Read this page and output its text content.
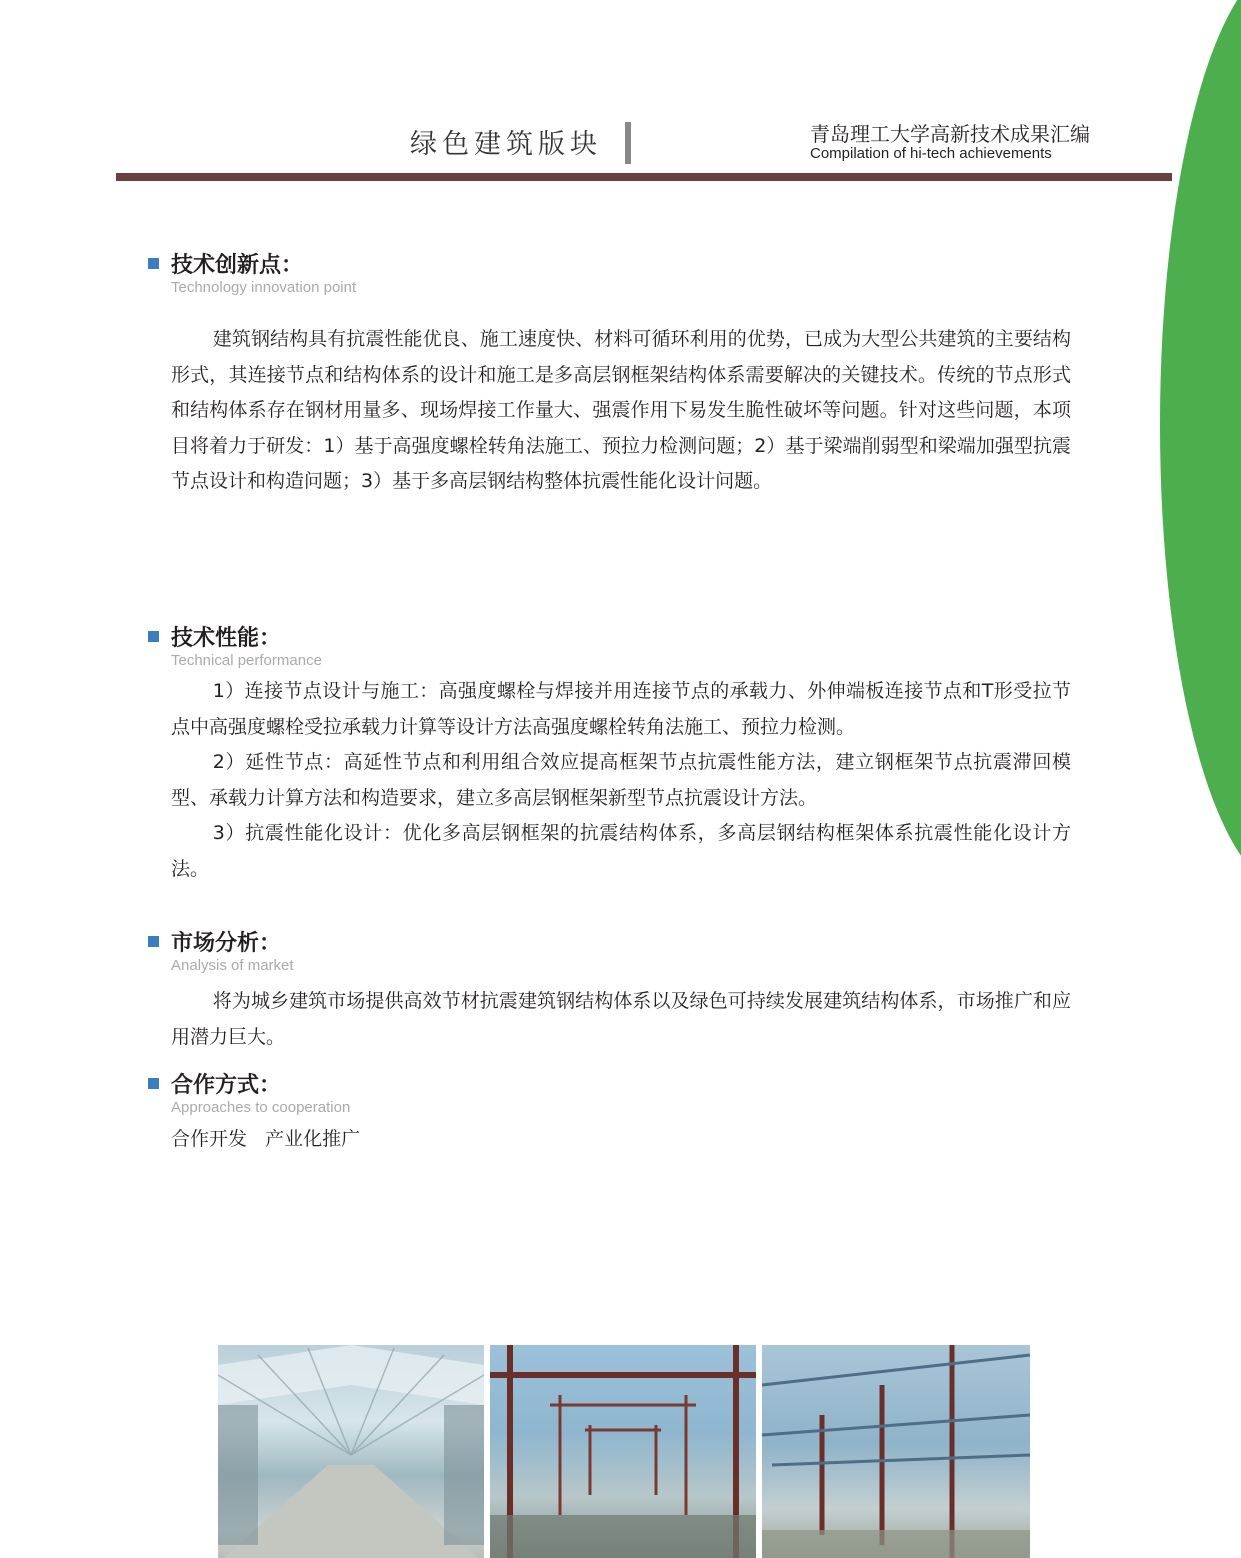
绿色建筑版块	青岛理工大学高新技术成果汇编
Compilation of hi-tech achievements
技术创新点：
Technology innovation point

建筑钢结构具有抗震性能优良、施工速度快、材料可循环利用的优势，已成为大型公共建筑的主要结构形式，其连接节点和结构体系的设计和施工是多高层钢框架结构体系需要解决的关键技术。传统的节点形式和结构体系存在钢材用量多、现场焊接工作量大、强震作用下易发生脆性破坏等问题。针对这些问题，本项目将着力于研发：1）基于高强度螺栓转角法施工、预拉力检测问题；2）基于梁端削弱型和梁端加强型抗震节点设计和构造问题；3）基于多高层钢结构整体抗震性能化设计问题。

技术性能：
Technical performance

1）连接节点设计与施工：高强度螺栓与焊接并用连接节点的承载力、外伸端板连接节点和T形受拉节点中高强度螺栓受拉承载力计算等设计方法高强度螺栓转角法施工、预拉力检测。

2）延性节点：高延性节点和利用组合效应提高框架节点抗震性能方法，建立钢框架节点抗震滞回模型、承载力计算方法和构造要求，建立多高层钢框架新型节点抗震设计方法。

3）抗震性能化设计：优化多高层钢框架的抗震结构体系，多高层钢结构框架体系抗震性能化设计方法。

市场分析：
Analysis of market

将为城乡建筑市场提供高效节材抗震建筑钢结构体系以及绿色可持续发展建筑结构体系，市场推广和应用潜力巨大。

合作方式：
Approaches to cooperation

合作开发   产业化推广
